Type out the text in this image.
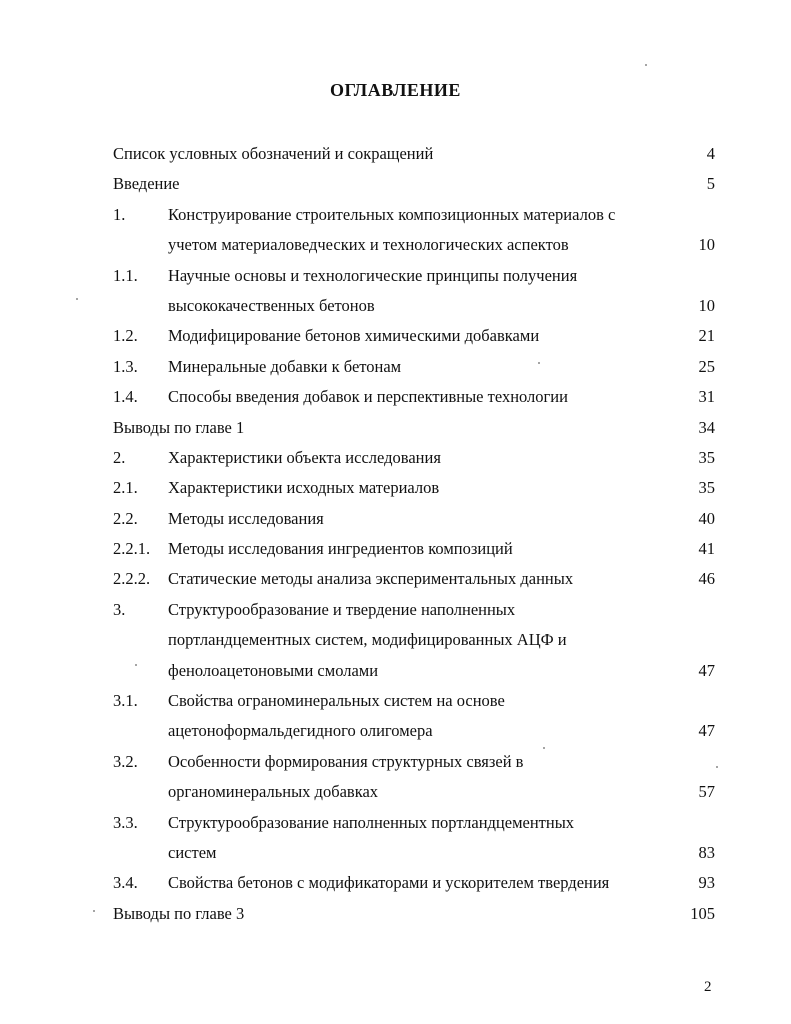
ОГЛАВЛЕНИЕ
Список условных обозначений и сокращений	4
Введение	5
1.	Конструирование строительных композиционных материалов с
учетом материаловедческих и технологических аспектов	10
1.1. Научные основы и технологические принципы получения
высококачественных бетонов	10
1.2. Модифицирование бетонов химическими добавками	21
1.3. Минеральные добавки к бетонам	25
1.4. Способы введения добавок и перспективные технологии	31
Выводы по главе 1	34
2.	Характеристики объекта исследования	35
2.1. Характеристики исходных материалов	35
2.2. Методы исследования	40
2.2.1. Методы исследования ингредиентов композиций	41
2.2.2. Статические методы анализа экспериментальных данных	46
3.	Структурообразование и твердение наполненных
портландцементных систем, модифицированных АЦФ и
фенолоацетоновыми смолами	47
3.1. Свойства огрaноминеральных систем на основе
ацетоноформальдегидного олигомера	47
3.2. Особенности формирования структурных связей в
органоминеральных добавках	57
3.3. Структурообразование наполненных портландцементных
систем	83
3.4. Свойства бетонов с модификаторами и ускорителем твердения	93
Выводы по главе 3	105
2
